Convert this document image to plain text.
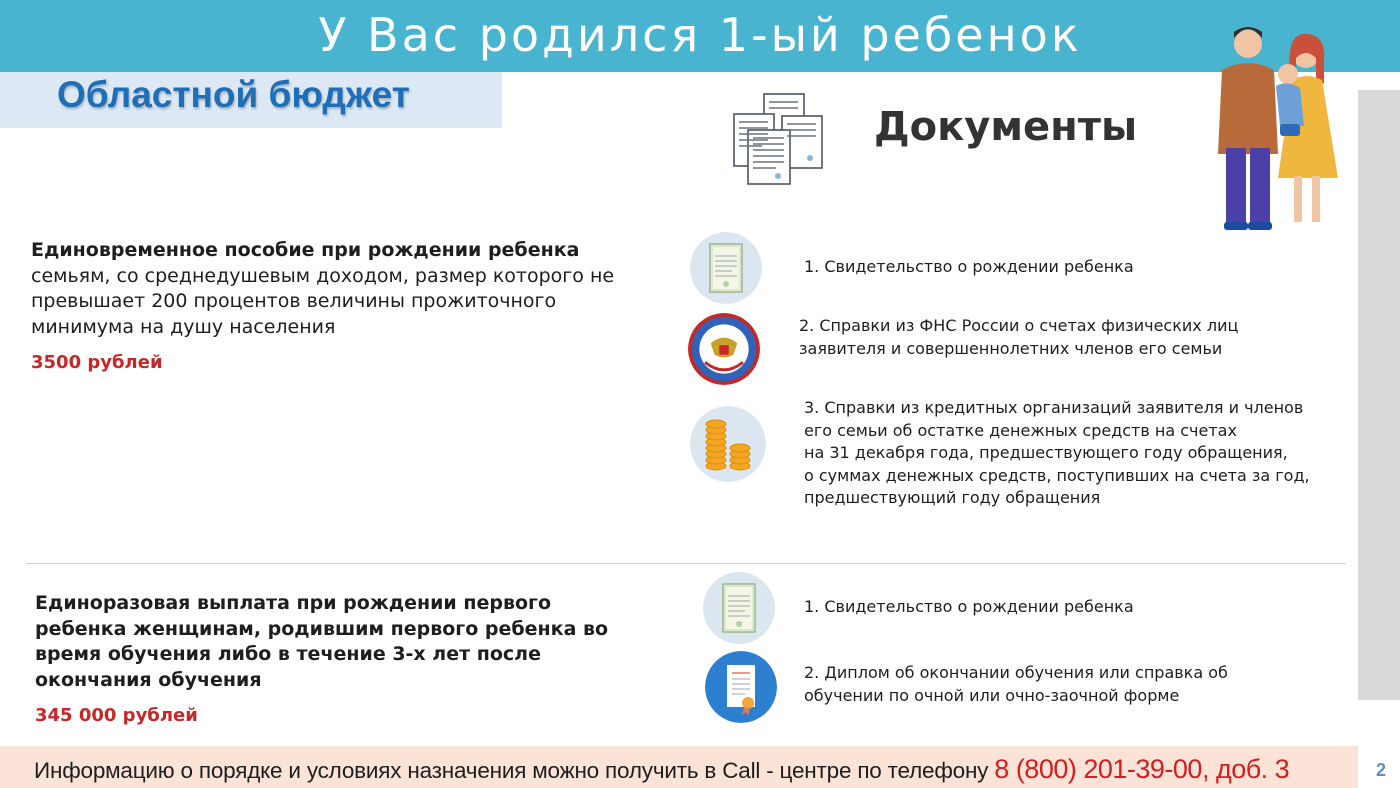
У Вас родился 1-ый ребенок
Областной бюджет
Документы
Единовременное пособие при рождении ребенка
семьям, со среднедушевым доходом, размер которого не превышает 200 процентов величины прожиточного минимума на душу населения
3500 рублей
1. Свидетельство о рождении ребенка
2. Справки из ФНС России о счетах физических лиц
заявителя и совершеннолетних членов его семьи
3. Справки из кредитных организаций заявителя и членов
его семьи об остатке денежных средств на счетах
на 31 декабря года, предшествующего году обращения,
о суммах денежных средств, поступивших на счета за год,
предшествующий году обращения
Единоразовая выплата при рождении первого ребенка женщинам, родившим первого ребенка во время обучения либо в течение 3-х лет после окончания обучения
345 000 рублей
1. Свидетельство о рождении ребенка
2. Диплом об окончании обучения или справка об
обучении по очной или очно-заочной форме
Информацию о порядке и условиях назначения можно получить в Call - центре по телефону 8 (800) 201-39-00, доб. 3	2
